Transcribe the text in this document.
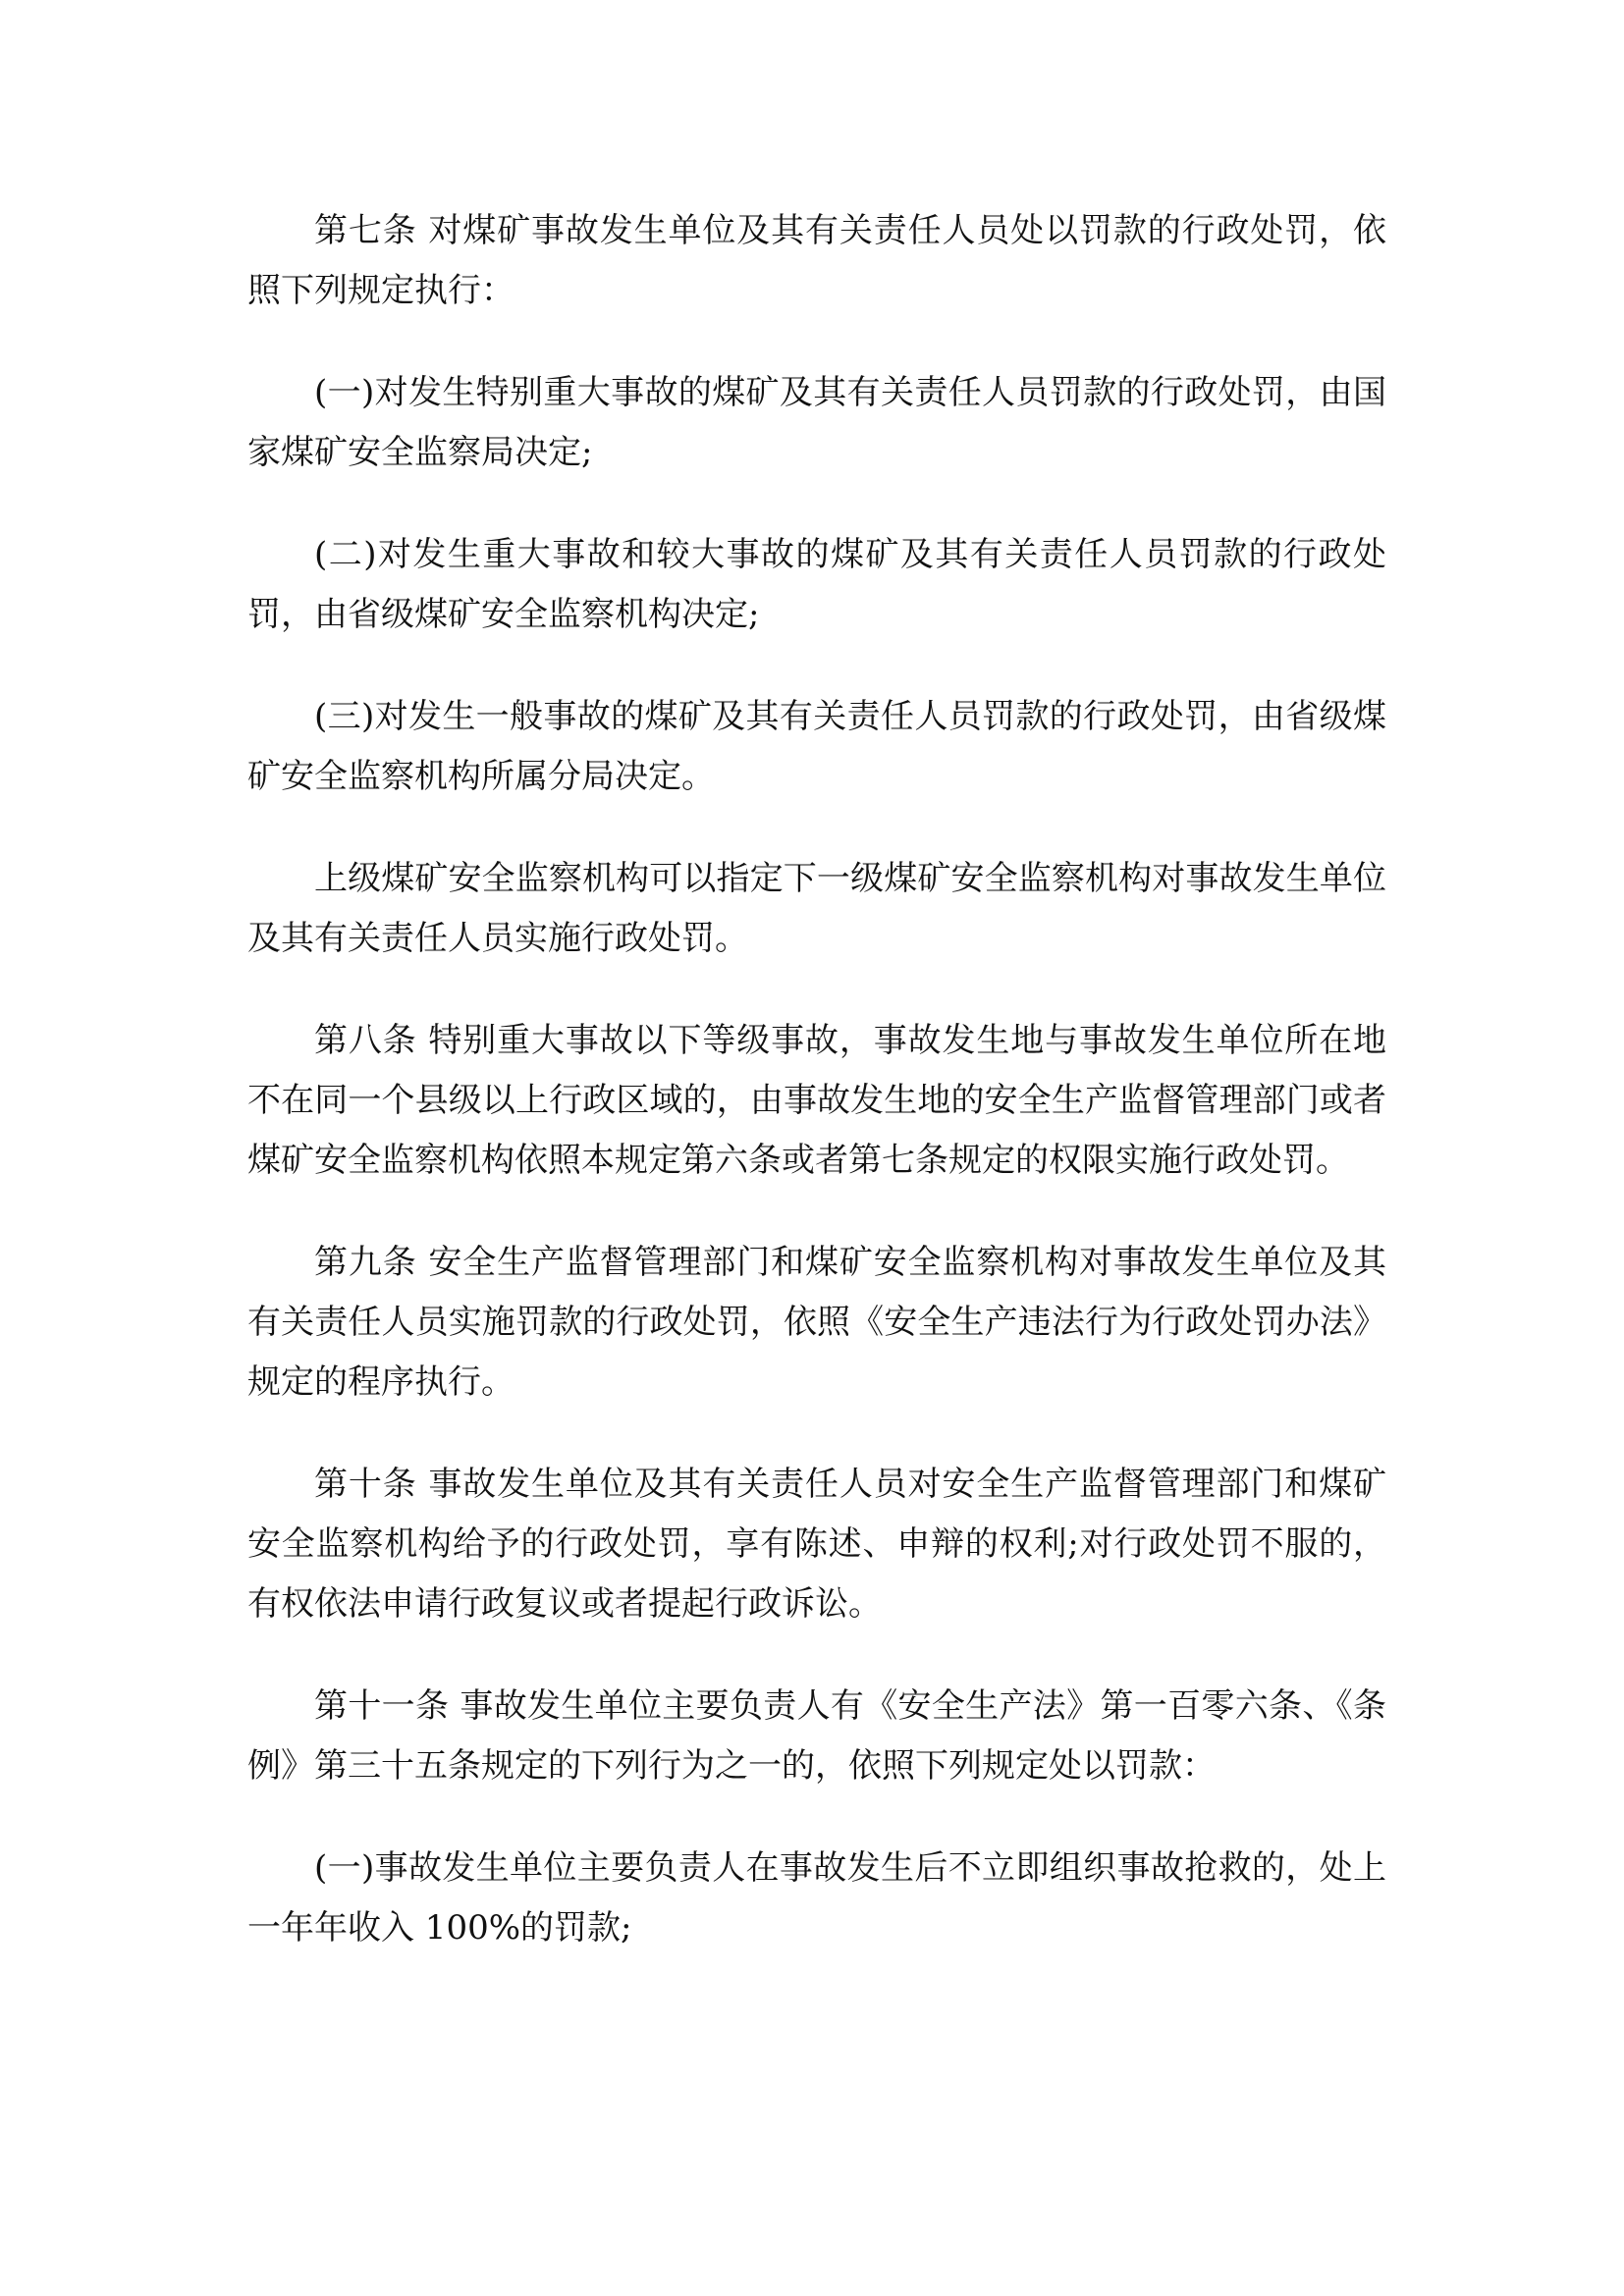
第七条 对煤矿事故发生单位及其有关责任人员处以罚款的行政处罚，依照下列规定执行：

(一)对发生特别重大事故的煤矿及其有关责任人员罚款的行政处罚，由国家煤矿安全监察局决定;

(二)对发生重大事故和较大事故的煤矿及其有关责任人员罚款的行政处罚，由省级煤矿安全监察机构决定;

(三)对发生一般事故的煤矿及其有关责任人员罚款的行政处罚，由省级煤矿安全监察机构所属分局决定。

上级煤矿安全监察机构可以指定下一级煤矿安全监察机构对事故发生单位及其有关责任人员实施行政处罚。

第八条 特别重大事故以下等级事故，事故发生地与事故发生单位所在地不在同一个县级以上行政区域的，由事故发生地的安全生产监督管理部门或者煤矿安全监察机构依照本规定第六条或者第七条规定的权限实施行政处罚。

第九条 安全生产监督管理部门和煤矿安全监察机构对事故发生单位及其有关责任人员实施罚款的行政处罚，依照《安全生产违法行为行政处罚办法》规定的程序执行。

第十条 事故发生单位及其有关责任人员对安全生产监督管理部门和煤矿安全监察机构给予的行政处罚，享有陈述、申辩的权利;对行政处罚不服的，有权依法申请行政复议或者提起行政诉讼。

第十一条 事故发生单位主要负责人有《安全生产法》第一百零六条、《条例》第三十五条规定的下列行为之一的，依照下列规定处以罚款：

(一)事故发生单位主要负责人在事故发生后不立即组织事故抢救的，处上一年年收入 100%的罚款;
